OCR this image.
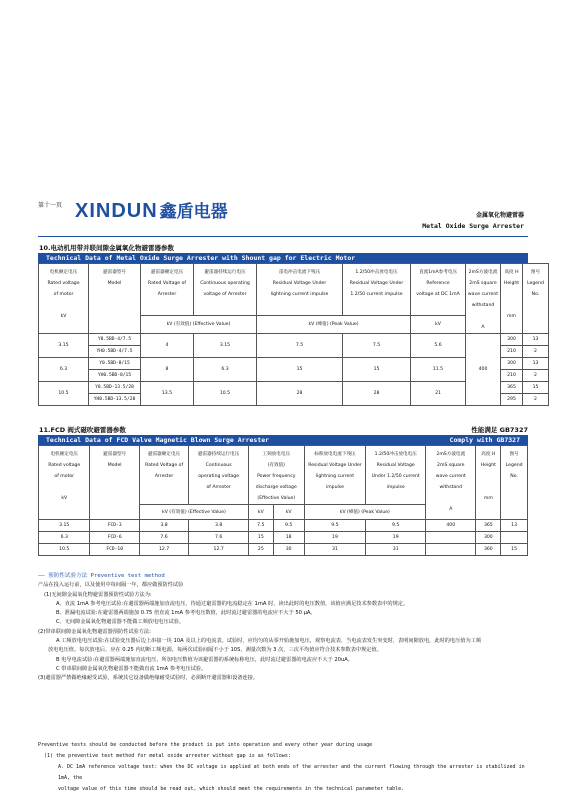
第十一页 XINDUN 鑫盾电器	金属氧化物避雷器
Metal Oxide Surge Arrester
10.电动机用带并联间隙金属氧化物避雷器参数
Technical Data of Metal Oxide Surge Arrester with Shount gap for Electric Motor
电机额定电压
Rated voltage
of motor

kV	避雷器型号
Model	避雷器额定电压
Rated Voltage of
Arrester	避雷器持续运行电压
Continuous operating
voltage of Arrester	雷电冲击电流下残压
Residual Voltage Under
lightning current impulse	1.2/50冲击放电电压
Residual Voltage Under
1.2/50 current impulse	直流1mA参考电压
Reference
voltage at DC 1mA	2mS方波电流
2mS square
wave current
withstand

A	高度 H
Height

mm	图号
Legend
No.
		kV (有效值) (Effective Value)		kV (峰值) (Peak Value)		kV			
3.15	Y0.5BD-4/7.5	4	3.15	7.5	7.5	5.6	400	300	13
	YH0.5BD-4/7.5							210	2
6.3	Y0.5BD-8/15	8	6.3	15	15	11.5		300	13
	YH0.5BD-8/15							210	2
10.5	Y0.5BD-13.5/28	13.5	10.5	28	28	21		365	15
	YH0.5BD-13.5/28							295	2
11.FCD 阀式磁吹避雷器参数	性能满足 GB7327
Technical Data of FCD Valve Magnetic Blown Surge Arrester	Comply with GB7327
电机额定电压
Rated voltage
of motor

kV	避雷器型号
Model	避雷器额定电压
Rated Voltage of
Arrester	避雷器持续运行电压
Continuous
operating voltage
of Arrester	工频放电电压
(有效值)
Power frequency
discharge voltage
(Effective Value)		标称放电电流下残压
Residual Voltage Under
lightning current
impulse	1.2/50冲击放电电压
Residual Voltage
Under 1.2/50 current
impulse	2mS方波电流
2mS square
wave current
withstand

A	高度 H
Height

mm	图号
Legend
No.
		kV (有效值) (Effective Value)		kV	kV	kV (峰值) (Peak Value)				
3.15	FCD-3	3.8	3.8	7.5	9.5	9.5	9.5	400	365	13
6.3	FCD-6	7.6	7.6	15	18	19	19		300	
10.5	FCD-10	12.7	12.7	25	30	31	31		360	15
—— 预防性试验方法 Preventive test method
产品在投入运行前，以及使用中每间隔一年，都应做预防性试验
(1)无间隙金属氧化物避雷器预防性试验方法为:
A、直流 1mA 参考电压试验:在避雷器两端施加直流电压，待通过避雷器的电流稳定在 1mA 时，读出此时的电压数值，该值应满足技术参数表中的规定。
B、泄漏电流试验:在避雷器两端施加 0.75 倍直流 1mA 参考电压数值，此时流过避雷器的电流应不大于 50 μA。
C、无间隙金属氧化物避雷器不能做工频放电电压试验。
(2)带串联间隙金属氧化物避雷器预防性试验方法:
A 工频放电电压试验:在试验变压器后边上串接一块 10A 及以上的电流表。试验时，应均匀的从零开始施加电压，观察电流表，当电流表发生突变时，表明间隙放电，此时的电压值为工频
放电电压值。每次放电后，应在 0.25 内切断工频电源。每两次试验间隔不小于 10S，测量次数为 3 次，三次平均值应符合技术参数表中规定值。
B 电导电流试验:在避雷器两端施加直流电压，所加电压数值为该避雷器的系统标称电压，此时流过避雷器的电流应不大于 20uA。
C 带串联间隙金属氧化物避雷器不能做直流 1mA 参考电压试验。
(3)避雷器严禁做绝缘耐受试验，系统其它设备做绝缘耐受试验时，必须断开避雷器和设备连接。
Preventive tests should be conducted before the product is put into operation and every other year during usage
(1) the preventive test method for metal oxide arrester without gap is as follows:
A. DC 1mA reference voltage test: when the DC voltage is applied at both ends of the arrester and the current flowing through the arrester is stabilized in 1mA, the
voltage value of this time should be read out, which should meet the requirements in the technical parameter table.
